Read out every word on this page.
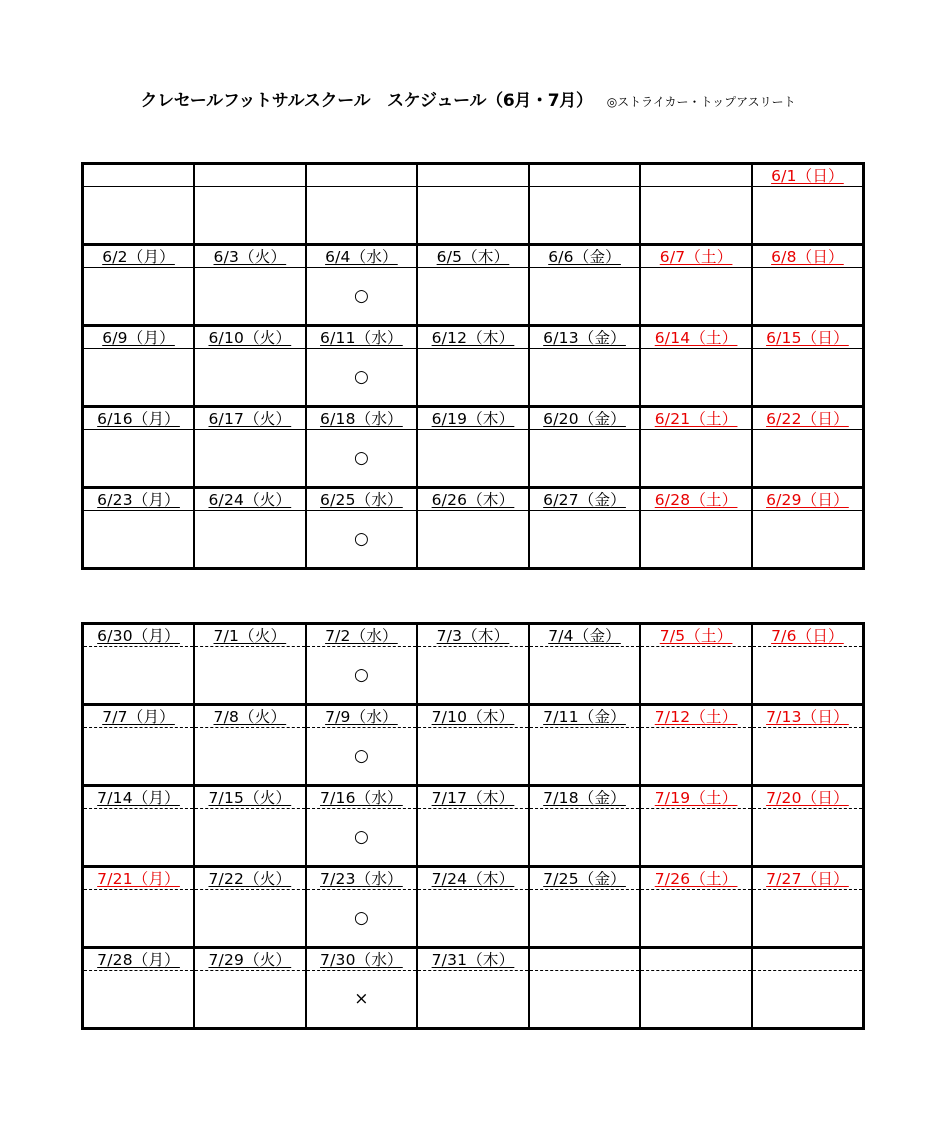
クレセールフットサルスクール　スケジュール（6月・7月） ◎ストライカー・トップアスリート
						6/1（日）

6/2（月）	6/3（火）	6/4（水）	6/5（木）	6/6（金）	6/7（土）	6/8（日）
		○				
6/9（月）	6/10（火）	6/11（水）	6/12（木）	6/13（金）	6/14（土）	6/15（日）
		○				
6/16（月）	6/17（火）	6/18（水）	6/19（木）	6/20（金）	6/21（土）	6/22（日）
		○				
6/23（月）	6/24（火）	6/25（水）	6/26（木）	6/27（金）	6/28（土）	6/29（日）
		○				
6/30（月）	7/1（火）	7/2（水）	7/3（木）	7/4（金）	7/5（土）	7/6（日）
		○				
7/7（月）	7/8（火）	7/9（水）	7/10（木）	7/11（金）	7/12（土）	7/13（日）
		○				
7/14（月）	7/15（火）	7/16（水）	7/17（木）	7/18（金）	7/19（土）	7/20（日）
		○				
7/21（月）	7/22（火）	7/23（水）	7/24（木）	7/25（金）	7/26（土）	7/27（日）
		○				
7/28（月）	7/29（火）	7/30（水）	7/31（木）			
		×				
